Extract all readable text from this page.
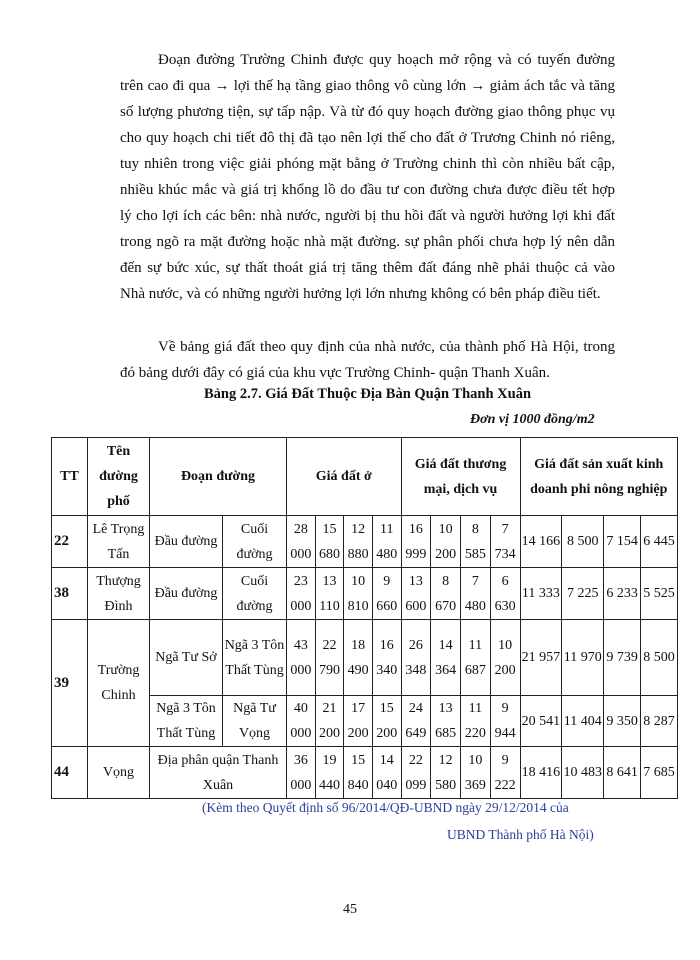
Đoạn đường Trường Chinh được quy hoạch mở rộng và có tuyến đường
trên cao đi qua → lợi thế hạ tầng giao thông vô cùng lớn → giảm ách tắc và tăng
số lượng phương tiện, sự tấp nập. Và từ đó quy hoạch đường giao thông phục vụ
cho quy hoạch chi tiết đô thị đã tạo nên lợi thế cho đất ở Trương Chinh nó riêng,
tuy nhiên trong việc giải phóng mặt bằng ở Trường chinh thì còn nhiều bất cập,
nhiều khúc mắc và giá trị khổng lồ do đầu tư con đường chưa được điều tết hợp
lý cho lợi ích các bên: nhà nước, người bị thu hồi đất và người hưởng lợi khi đất
trong ngõ ra mặt đường hoặc nhà mặt đường. sự phân phối chưa hợp lý nên dẫn
đến sự bức xúc, sự thất thoát giá trị tăng thêm đất đáng nhẽ phải thuộc cả vào
Nhà nước, và có những người hưởng lợi lớn nhưng không có bên pháp điều tiết.
Về bảng giá đất theo quy định của nhà nước, của thành phố Hà Hội, trong
đó bảng dưới đây có giá của khu vực Trường Chinh- quận Thanh Xuân.
Bảng 2.7. Giá Đất Thuộc Địa Bàn Quận Thanh Xuân
Đơn vị 1000 đồng/m2
TT	Tên đường phố	Đoạn đường		Giá đất ở				Giá đất thương mại, dịch vụ				Giá đất sản xuất kinh doanh phi nông nghiệp			
22	Lê Trọng Tấn	Đầu đường	Cuối đường	28 000	15 680	12 880	11 480	16 999	10 200	8 585	7 734	14 166	8 500	7 154	6 445
38	Thượng Đình	Đầu đường	Cuối đường	23 000	13 110	10 810	9 660	13 600	8 670	7 480	6 630	11 333	7 225	6 233	5 525
39	Trường Chinh	Ngã Tư Sở	Ngã 3 Tôn Thất Tùng	43 000	22 790	18 490	16 340	26 348	14 364	11 687	10 200	21 957	11 970	9 739	8 500
		Ngã 3 Tôn Thất Tùng	Ngã Tư Vọng	40 000	21 200	17 200	15 200	24 649	13 685	11 220	9 944	20 541	11 404	9 350	8 287
44	Vọng	Địa phân quận Thanh Xuân		36 000	19 440	15 840	14 040	22 099	12 580	10 369	9 222	18 416	10 483	8 641	7 685
(Kèm theo Quyết định số 96/2014/QĐ-UBND ngày 29/12/2014 của
UBND Thành phố Hà Nội)
45
